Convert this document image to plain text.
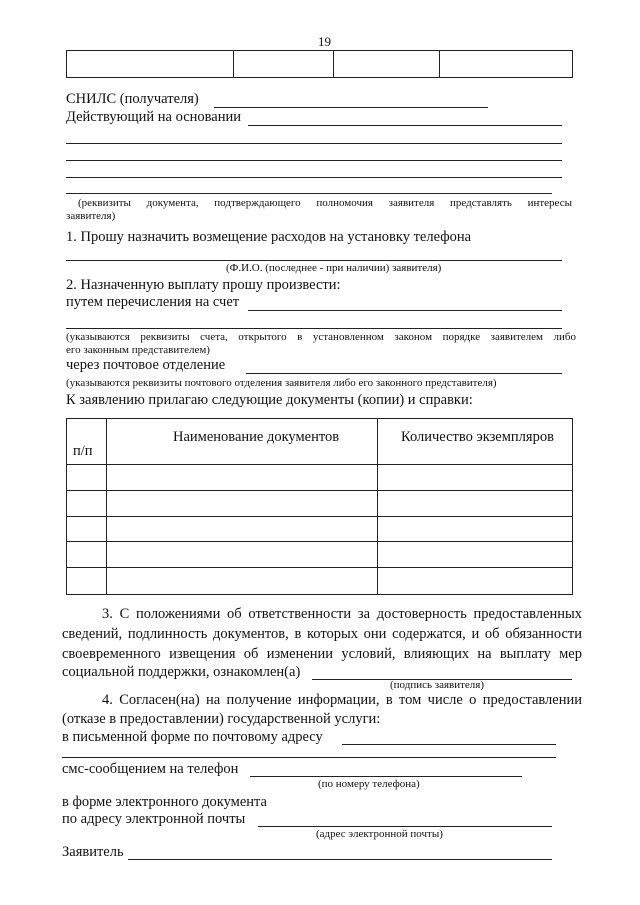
19
СНИЛС (получателя)
Действующий на основании
(реквизиты документа, подтверждающего полномочия заявителя представлять интересы
заявителя)
1. Прошу назначить возмещение расходов на установку телефона
(Ф.И.О. (последнее - при наличии) заявителя)
2. Назначенную выплату прошу произвести:
путем перечисления на счет
(указываются реквизиты счета, открытого в установленном законом порядке заявителем либо
его законным представителем)
через почтовое отделение
(указываются реквизиты почтового отделения заявителя либо его законного представителя)
К заявлению прилагаю следующие документы (копии) и справки:
п/п
Наименование документов	Количество экземпляров
3. С положениями об ответственности за достоверность предоставленных
сведений, подлинность документов, в которых они содержатся, и об обязанности
своевременного извещения об изменении условий, влияющих на выплату мер
социальной поддержки, ознакомлен(а)
(подпись заявителя)
4. Согласен(на) на получение информации, в том числе о предоставлении
(отказе в предоставлении) государственной услуги:
в письменной форме по почтовому адресу
смс-сообщением на телефон
(по номеру телефона)
в форме электронного документа
по адресу электронной почты
(адрес электронной почты)
Заявитель
